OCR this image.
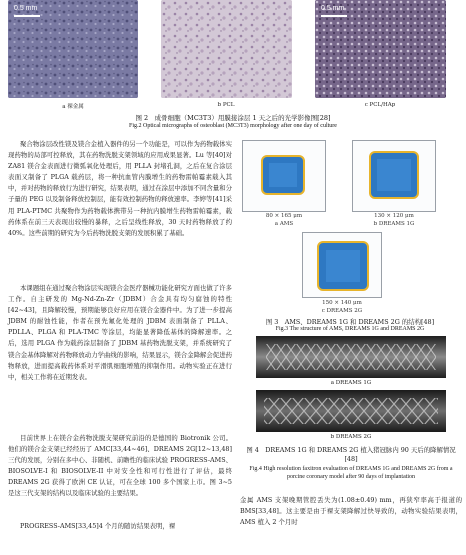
0.5 mm	0.5 mm
a 裸金属	b PCL	c PCL/HAp
图 2　成骨细胞（MC3T3）用膜接涂层 1 天之后的光学影像图[28]
Fig.2 Optical micrographs of osteoblast (MC3T3) morphology after one day of culture
聚合物涂层改性镁及镁合金植入器件的另一个功能是，可以作为药物载体实现药物的局部可控释放，其在药物洗脱支架领域的应用成果显著。Lu 等[40]对 ZA81 镁合金表面进行微弧氧化处理后，用 PLLA 封堵孔洞，之后在复合涂层表面又制备了 PLGA 载药层，将一种抗血管内膜增生的药物雷帕霉素载入其中，并对药物的释放行为进行研究，结果表明，通过在涂层中添加不同含量和分子量的 PEG 以及制备释放控制层，能有效控制药物的释放速率。李婷等[41]采用 PLA-PTMC 共聚物作为药物载体携带另一种抗内膜增生药物雷帕霉素，载药体系在前三天表现出较慢的暴释，之后呈线性释放，30 天时药物释放了约 40%。这些前期的研究为今后药物洗脱支架的发展积累了基础。
本课题组在通过聚合物涂层实现镁合金医疗器械功能化研究方面也做了许多工作。自主研发的 Mg-Nd-Zn-Zr（JDBM）合金具有均匀腐蚀的特性[42~43]，且降解较慢，预期能够良好应用在镁合金器件中。为了进一步提高 JDBM 的耐蚀性能，作者在预先氟化处理的 JDBM 表面制备了 PLLA、PDLLA、PLGA 和 PLA-TMC 等涂层，均能显著降低基体的降解速率。之后，选用 PLGA 作为载药涂层制备了 JDBM 基药物洗脱支架，并系统研究了镁合金基体降解对药物释放动力学曲线的影响，结果显示，镁合金降解会促进药物释放，进而提高载药体系对平滑肌细胞增殖的抑制作用。动物实验正在进行中，相关工作将在近期发表。
目前世界上在镁合金药物洗脱支架研究前沿的是德国的 Biotronik 公司。他们的镁合金支架已经经历了 AMC[33,44~46]、DREAMS 2G[12~13,48]三代的发展，分别在多中心、非随机、前瞻性的临床试验 PROGRESS-AMS、BIOSOLVE-I 和 BIOSOLVE-II 中对安全性和可行性进行了评估，最终 DREAMS 2G 获得了欧洲 CE 认证，可在全球 100 多个国家上市。图 3~5 是这三代支架的结构以及临床试验的主要结果。
PROGRESS-AMS[33,45]4 个月的随访结果表明，裸
80 × 165 μm	130 × 120 μm
a AMS	b DREAMS 1G
150 × 140 μm
c DREAMS 2G
图 3　AMS、DREAMS 1G 和 DREAMS 2G 的结构[48]
Fig.3 The structure of AMS, DREAMS 1G and DREAMS 2G
a DREAMS 1G
b DREAMS 2G
图 4　DREAMS 1G 和 DREAMS 2G 植入猪冠脉内 90 天后的降解情况[48]
Fig.4 High resolution faxitron evaluation of DREAMS 1G and DREAMS 2G from a porcine coronary model after 90 days of implantation
金属 AMS 支架晚期管腔丢失为(1.08±0.49) mm，再狭窄率高于报道的 BMS[33,48]。这主要是由于裸支架降解过快导致的，动物实验结果表明，AMS 植入 2 个月时
